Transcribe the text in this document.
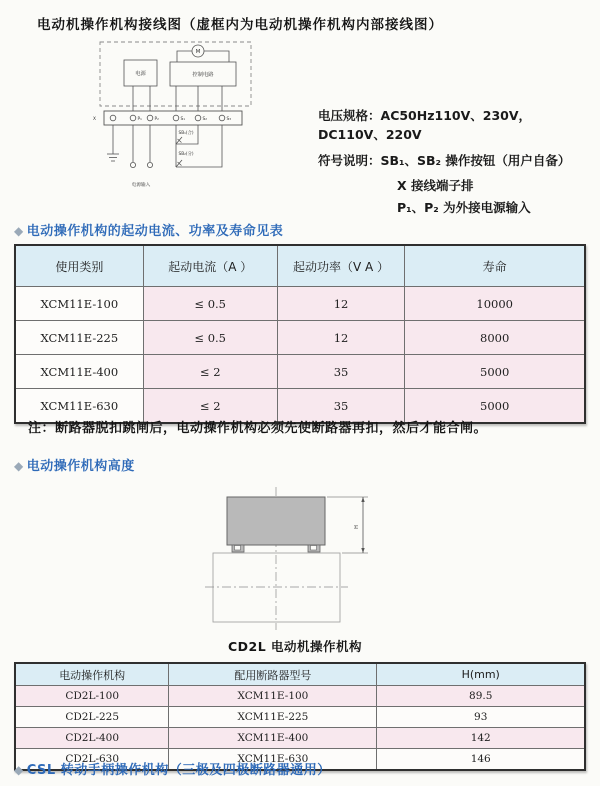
电动机操作机构接线图（虚框内为电动机操作机构内部接线图）
M
电源	控制电路
X	P₁	P₂	S₁	S₂	S₃
电源输入
SB₁(合)
SB₂(分)
电压规格：AC50Hz110V、230V，DC110V、220V
符号说明：SB₁、SB₂ 操作按钮（用户自备）
X 接线端子排
P₁、P₂ 为外接电源输入
◆ 电动操作机构的起动电流、功率及寿命见表
使用类别	起动电流（A ）	起动功率（V A ）	寿命
XCM11E-100	≤ 0.5	12	10000
XCM11E-225	≤ 0.5	12	8000
XCM11E-400	≤ 2	35	5000
XCM11E-630	≤ 2	35	5000
注：断路器脱扣跳闸后，电动操作机构必须先使断路器再扣，然后才能合闸。
◆ 电动操作机构高度
H
CD2L 电动机操作机构
电动操作机构	配用断路器型号	H(mm)
CD2L-100	XCM11E-100	89.5
CD2L-225	XCM11E-225	93
CD2L-400	XCM11E-400	142
CD2L-630	XCM11E-630	146
◆ CSL 转动手柄操作机构（三极及四极断路器通用）
